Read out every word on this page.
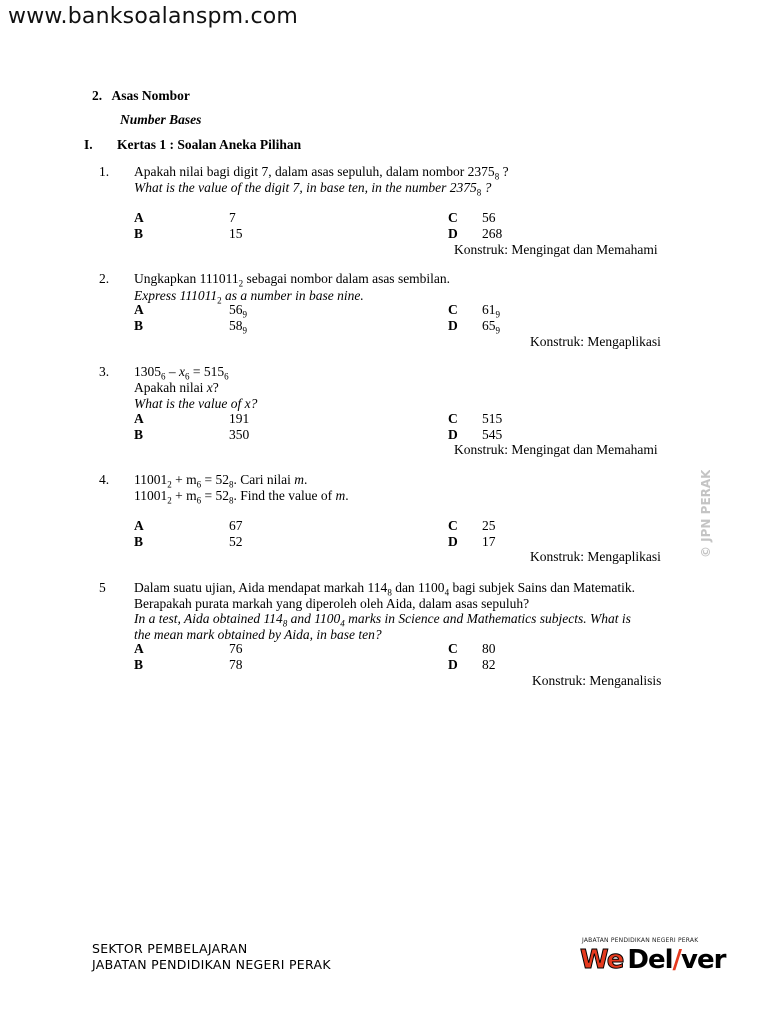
www.banksoalanspm.com
2. Asas Nombor
Number Bases
I. Kertas 1 : Soalan Aneka Pilihan
1. Apakah nilai bagi digit 7, dalam asas sepuluh, dalam nombor $2375_8$ ?
What is the value of the digit 7, in base ten, in the number $2375_8$ ?
A	7	C 56
B	15	D 268
Konstruk: Mengingat dan Memahami
2. Ungkapkan $111011_2$ sebagai nombor dalam asas sembilan.
Express $111011_2$ as a number in base nine.
A	$56_9$	C $61_9$
B	$58_9$	D $65_9$
Konstruk: Mengaplikasi
3. $1305_6 - x_6 = 515_6$
Apakah nilai x?
What is the value of x?
A	191	C 515
B	350	D 545
Konstruk: Mengingat dan Memahami
4. $11001_2 + m_6 = 52_8$. Cari nilai m.
$11001_2 + m_6 = 52_8$. Find the value of m.
A	67	C 25
B	52	D 17
Konstruk: Mengaplikasi
5 Dalam suatu ujian, Aida mendapat markah $114_8$ dan $1100_4$ bagi subjek Sains dan Matematik.
Berapakah purata markah yang diperoleh oleh Aida, dalam asas sepuluh?
In a test, Aida obtained $114_8$ and $1100_4$ marks in Science and Mathematics subjects. What is
the mean mark obtained by Aida, in base ten?
A	76	C 80
B	78	D 82
Konstruk: Menganalisis
© JPN PERAK
SEKTOR PEMBELAJARAN
JABATAN PENDIDIKAN NEGERI PERAK
JABATAN PENDIDIKAN NEGERI PERAK
We Del/ver
